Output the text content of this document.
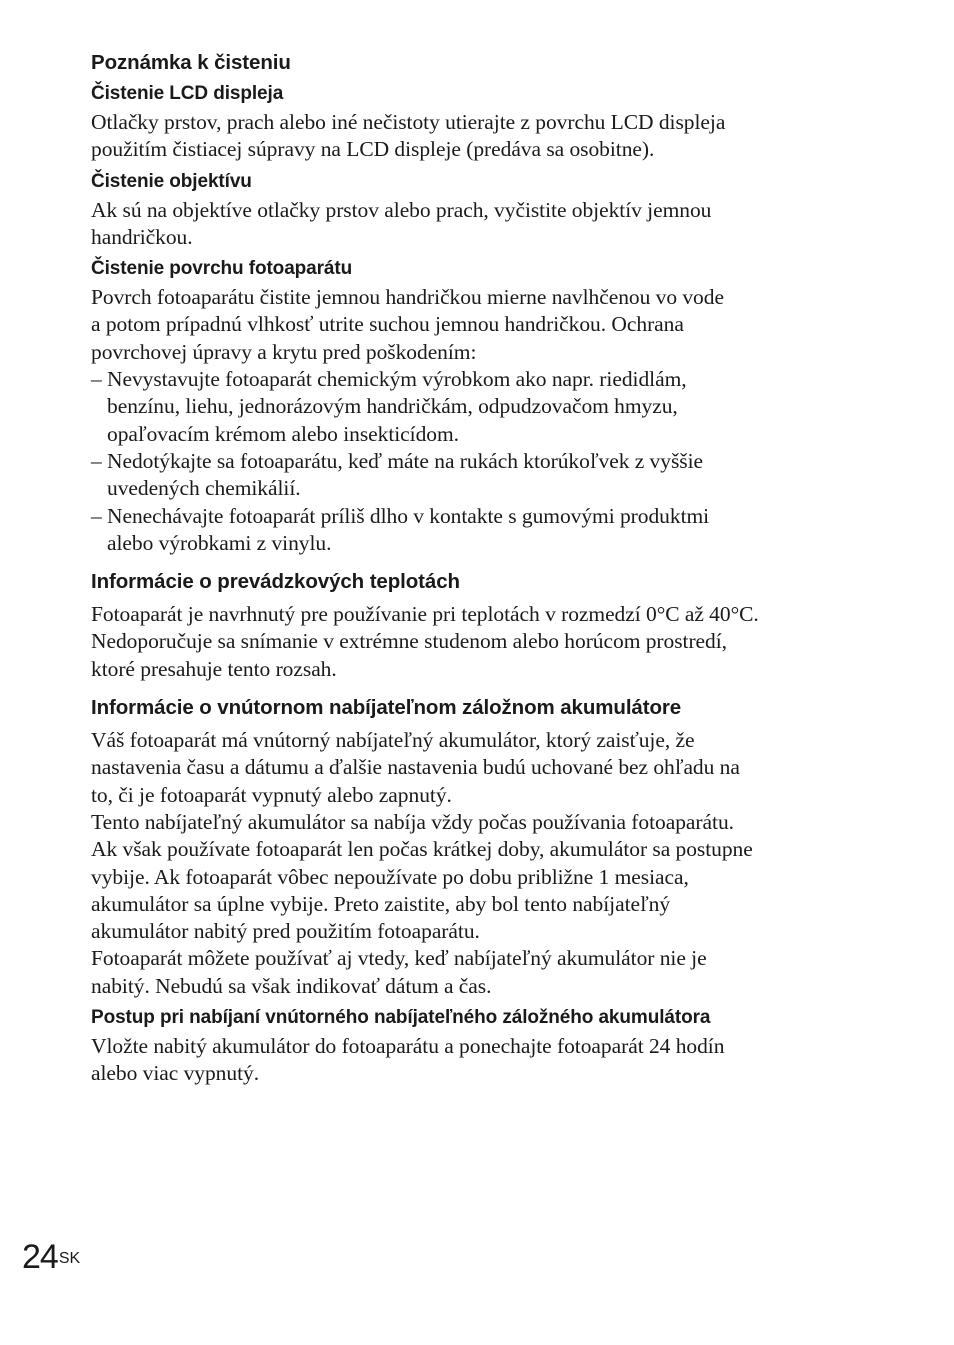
Poznámka k čisteniu
Čistenie LCD displeja
Otlačky prstov, prach alebo iné nečistoty utierajte z povrchu LCD displeja
použitím čistiacej súpravy na LCD displeje (predáva sa osobitne).
Čistenie objektívu
Ak sú na objektíve otlačky prstov alebo prach, vyčistite objektív jemnou
handričkou.
Čistenie povrchu fotoaparátu
Povrch fotoaparátu čistite jemnou handričkou mierne navlhčenou vo vode
a potom prípadnú vlhkosť utrite suchou jemnou handričkou. Ochrana
povrchovej úpravy a krytu pred poškodením:
– Nevystavujte fotoaparát chemickým výrobkom ako napr. riedidlám,
benzínu, liehu, jednorázovým handričkám, odpudzovačom hmyzu,
opaľovacím krémom alebo insekticídom.
– Nedotýkajte sa fotoaparátu, keď máte na rukách ktorúkoľvek z vyššie
uvedených chemikálií.
– Nenechávajte fotoaparát príliš dlho v kontakte s gumovými produktmi
alebo výrobkami z vinylu.
Informácie o prevádzkových teplotách
Fotoaparát je navrhnutý pre používanie pri teplotách v rozmedzí 0°C až 40°C.
Nedoporučuje sa snímanie v extrémne studenom alebo horúcom prostredí,
ktoré presahuje tento rozsah.
Informácie o vnútornom nabíjateľnom záložnom akumulátore
Váš fotoaparát má vnútorný nabíjateľný akumulátor, ktorý zaisťuje, že
nastavenia času a dátumu a ďalšie nastavenia budú uchované bez ohľadu na
to, či je fotoaparát vypnutý alebo zapnutý.
Tento nabíjateľný akumulátor sa nabíja vždy počas používania fotoaparátu.
Ak však používate fotoaparát len počas krátkej doby, akumulátor sa postupne
vybije. Ak fotoaparát vôbec nepoužívate po dobu približne 1 mesiaca,
akumulátor sa úplne vybije. Preto zaistite, aby bol tento nabíjateľný
akumulátor nabitý pred použitím fotoaparátu.
Fotoaparát môžete používať aj vtedy, keď nabíjateľný akumulátor nie je
nabitý. Nebudú sa však indikovať dátum a čas.
Postup pri nabíjaní vnútorného nabíjateľného záložného akumulátora
Vložte nabitý akumulátor do fotoaparátu a ponechajte fotoaparát 24 hodín
alebo viac vypnutý.
$24^{SK}$
